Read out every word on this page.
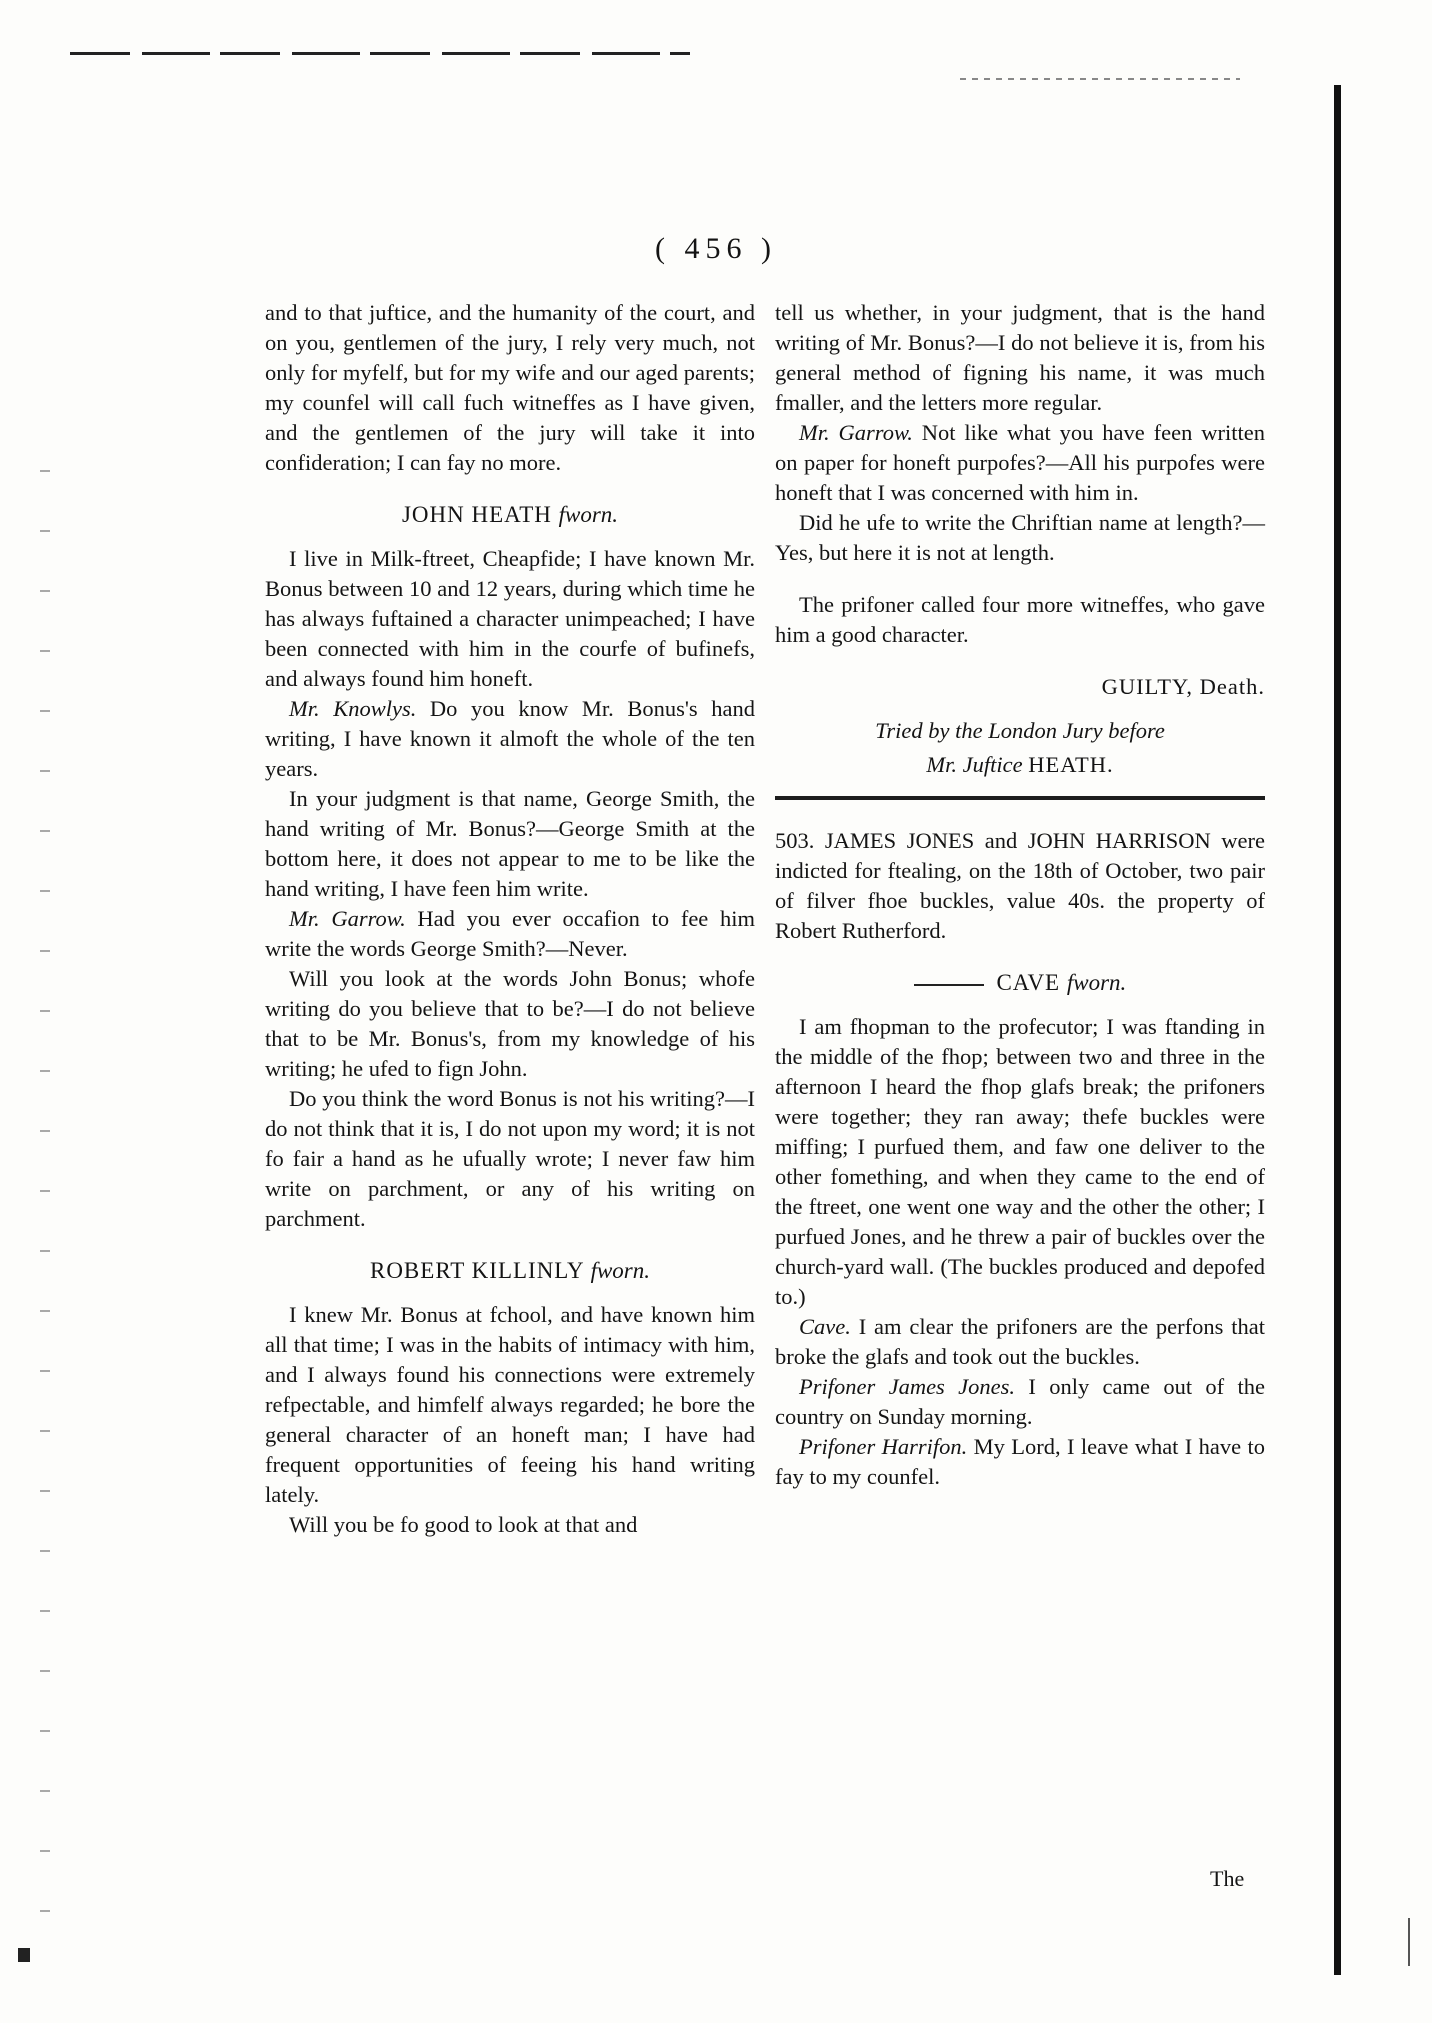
( 456 )

and to that juftice, and the humanity of the court, and on you, gentlemen of the jury, I rely very much, not only for myfelf, but for my wife and our aged parents; my counfel will call fuch witneffes as I have given, and the gentlemen of the jury will take it into confideration; I can fay no more.

JOHN HEATH fworn.

I live in Milk-ftreet, Cheapfide; I have known Mr. Bonus between 10 and 12 years, during which time he has always fuftained a character unimpeached; I have been connected with him in the courfe of bufinefs, and always found him honeft.

Mr. Knowlys. Do you know Mr. Bonus's hand writing, I have known it almoft the whole of the ten years.

In your judgment is that name, George Smith, the hand writing of Mr. Bonus?—George Smith at the bottom here, it does not appear to me to be like the hand writing, I have feen him write.

Mr. Garrow. Had you ever occafion to fee him write the words George Smith?—Never.

Will you look at the words John Bonus; whofe writing do you believe that to be?—I do not believe that to be Mr. Bonus's, from my knowledge of his writing; he ufed to fign John.

Do you think the word Bonus is not his writing?—I do not think that it is, I do not upon my word; it is not fo fair a hand as he ufually wrote; I never faw him write on parchment, or any of his writing on parchment.

ROBERT KILLINLY fworn.

I knew Mr. Bonus at fchool, and have known him all that time; I was in the habits of intimacy with him, and I always found his connections were extremely refpectable, and himfelf always regarded; he bore the general character of an honeft man; I have had frequent opportunities of feeing his hand writing lately.

Will you be fo good to look at that and

tell us whether, in your judgment, that is the hand writing of Mr. Bonus?—I do not believe it is, from his general method of figning his name, it was much fmaller, and the letters more regular.

Mr. Garrow. Not like what you have feen written on paper for honeft purpofes?—All his purpofes were honeft that I was concerned with him in.

Did he ufe to write the Chriftian name at length?—Yes, but here it is not at length.

The prifoner called four more witneffes, who gave him a good character.

GUILTY, Death.

Tried by the London Jury before

Mr. Juftice HEATH.

503. JAMES JONES and JOHN HARRISON were indicted for ftealing, on the 18th of October, two pair of filver fhoe buckles, value 40s. the property of Robert Rutherford.

CAVE fworn.

I am fhopman to the profecutor; I was ftanding in the middle of the fhop; between two and three in the afternoon I heard the fhop glafs break; the prifoners were together; they ran away; thefe buckles were miffing; I purfued them, and faw one deliver to the other fomething, and when they came to the end of the ftreet, one went one way and the other the other; I purfued Jones, and he threw a pair of buckles over the church-yard wall. (The buckles produced and depofed to.)

Cave. I am clear the prifoners are the perfons that broke the glafs and took out the buckles.

Prifoner James Jones. I only came out of the country on Sunday morning.

Prifoner Harrifon. My Lord, I leave what I have to fay to my counfel.

The
